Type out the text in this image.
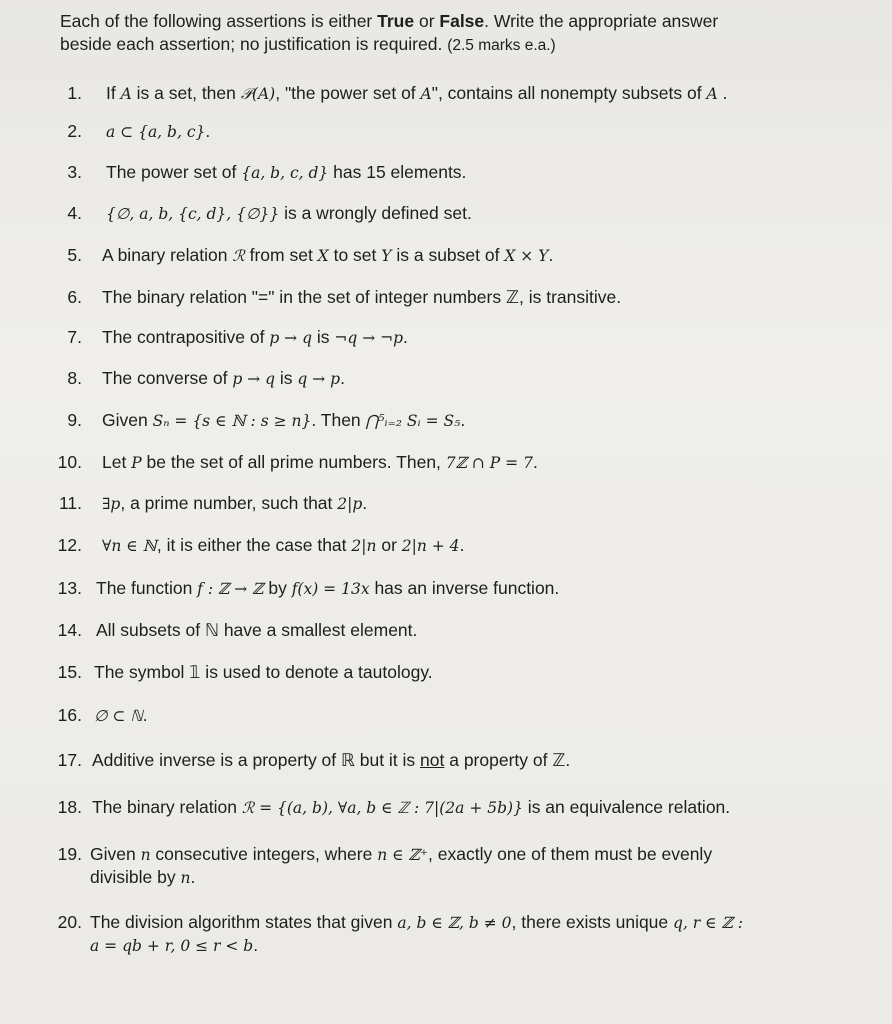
Each of the following assertions is either True or False. Write the appropriate answer
beside each assertion; no justification is required. (2.5 marks e.a.)
1. If A is a set, then 𝒫(A), "the power set of A", contains all nonempty subsets of A .
2. a ⊂ {a, b, c}.
3. The power set of {a, b, c, d} has 15 elements.
4. {∅, a, b, {c, d}, {∅}} is a wrongly defined set.
5. A binary relation ℛ from set X to set Y is a subset of X × Y.
6. The binary relation "=" in the set of integer numbers ℤ, is transitive.
7. The contrapositive of p → q is ¬q → ¬p.
8. The converse of p → q is q → p.
9. Given Sₙ = {s ∈ ℕ : s ≥ n}. Then ⋂⁵ᵢ₌₂ Sᵢ = S₅.
10. Let P be the set of all prime numbers. Then, 7ℤ ∩ P = 7.
11. ∃p, a prime number, such that 2|p.
12. ∀n ∈ ℕ, it is either the case that 2|n or 2|n + 4.
13. The function f : ℤ → ℤ by f(x) = 13x has an inverse function.
14. All subsets of ℕ have a smallest element.
15. The symbol 𝟙 is used to denote a tautology.
16. ∅ ⊂ ℕ.
17. Additive inverse is a property of ℝ but it is not a property of ℤ.
18. The binary relation ℛ = {(a, b), ∀a, b ∈ ℤ : 7|(2a + 5b)} is an equivalence relation.
19. Given n consecutive integers, where n ∈ ℤ⁺, exactly one of them must be evenly
divisible by n.
20. The division algorithm states that given a, b ∈ ℤ, b ≠ 0, there exists unique q, r ∈ ℤ :
a = qb + r, 0 ≤ r < b.
